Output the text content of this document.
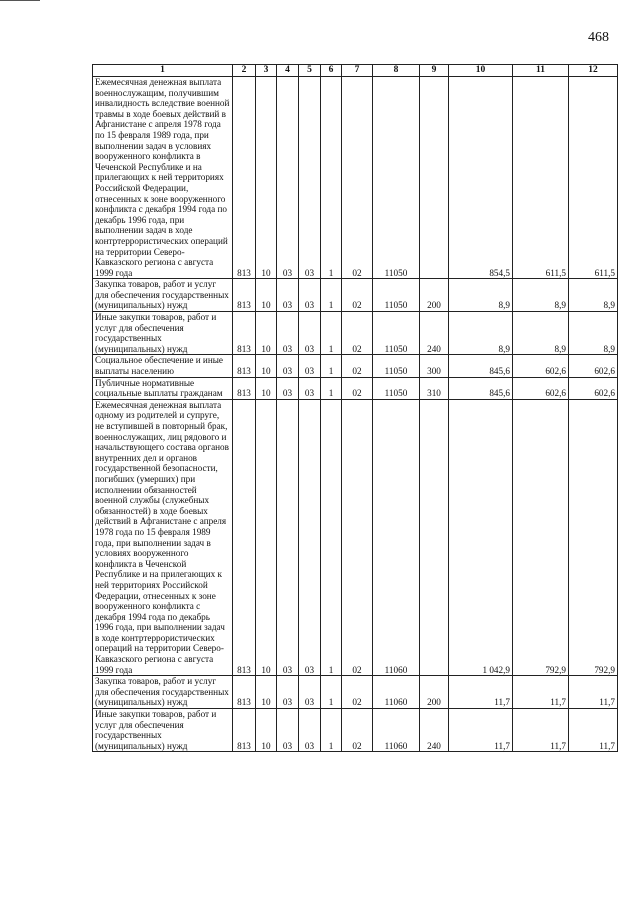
468
1	2	3	4	5	6	7	8	9	10	11	12
Ежемесячная денежная выплата военнослужащим, получившим инвалидность вследствие военной травмы в ходе боевых действий в Афганистане с апреля 1978 года по 15 февраля 1989 года, при выполнении задач в условиях вооруженного конфликта в Чеченской Республике и на прилегающих к ней территориях Российской Федерации, отнесенных к зоне вооруженного конфликта с декабря 1994 года по декабрь 1996 года, при выполнении задач в ходе контртеррористических операций на территории Северо-Кавказского региона с августа 1999 года	813	10	03	03	1	02	11050		854,5	611,5	611,5
Закупка товаров, работ и услуг для обеспечения государственных (муниципальных) нужд	813	10	03	03	1	02	11050	200	8,9	8,9	8,9
Иные закупки товаров, работ и услуг для обеспечения государственных (муниципальных) нужд	813	10	03	03	1	02	11050	240	8,9	8,9	8,9
Социальное обеспечение и иные выплаты населению	813	10	03	03	1	02	11050	300	845,6	602,6	602,6
Публичные нормативные социальные выплаты гражданам	813	10	03	03	1	02	11050	310	845,6	602,6	602,6
Ежемесячная денежная выплата одному из родителей и супруге, не вступившей в повторный брак, военнослужащих, лиц рядового и начальствующего состава органов внутренних дел и органов государственной безопасности, погибших (умерших) при исполнении обязанностей военной службы (служебных обязанностей) в ходе боевых действий в Афганистане с апреля 1978 года по 15 февраля 1989 года, при выполнении задач в условиях вооруженного конфликта в Чеченской Республике и на прилегающих к ней территориях Российской Федерации, отнесенных к зоне вооруженного конфликта с декабря 1994 года по декабрь 1996 года, при выполнении задач в ходе контртеррористических операций на территории Северо-Кавказского региона с августа 1999 года	813	10	03	03	1	02	11060		1 042,9	792,9	792,9
Закупка товаров, работ и услуг для обеспечения государственных (муниципальных) нужд	813	10	03	03	1	02	11060	200	11,7	11,7	11,7
Иные закупки товаров, работ и услуг для обеспечения государственных (муниципальных) нужд	813	10	03	03	1	02	11060	240	11,7	11,7	11,7
